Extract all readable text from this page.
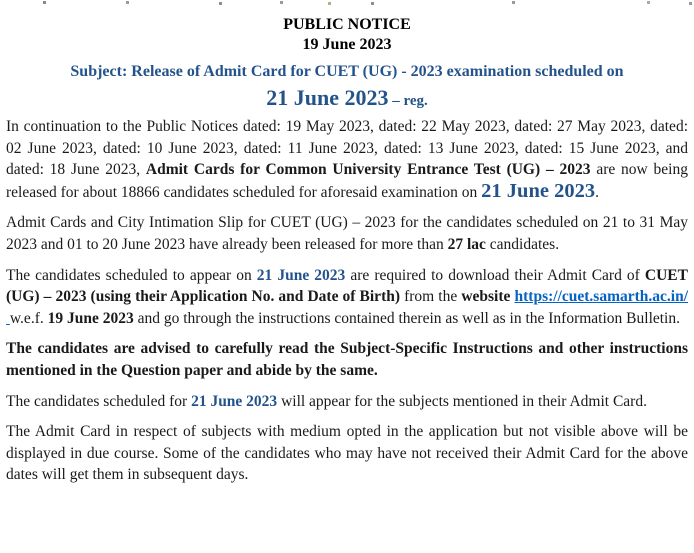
PUBLIC NOTICE
19 June 2023
Subject: Release of Admit Card for CUET (UG) - 2023 examination scheduled on
21 June 2023 – reg.

In continuation to the Public Notices dated: 19 May 2023, dated: 22 May 2023, dated: 27 May 2023, dated: 02 June 2023, dated: 10 June 2023, dated: 11 June 2023, dated: 13 June 2023, dated: 15 June 2023, and dated: 18 June 2023, Admit Cards for Common University Entrance Test (UG) – 2023 are now being released for about 18866 candidates scheduled for aforesaid examination on 21 June 2023.

Admit Cards and City Intimation Slip for CUET (UG) – 2023 for the candidates scheduled on 21 to 31 May 2023 and 01 to 20 June 2023 have already been released for more than 27 lac candidates.

The candidates scheduled to appear on 21 June 2023 are required to download their Admit Card of CUET (UG) – 2023 (using their Application No. and Date of Birth) from the website https://cuet.samarth.ac.in/ w.e.f. 19 June 2023 and go through the instructions contained therein as well as in the Information Bulletin.

The candidates are advised to carefully read the Subject-Specific Instructions and other instructions mentioned in the Question paper and abide by the same.

The candidates scheduled for 21 June 2023 will appear for the subjects mentioned in their Admit Card.

The Admit Card in respect of subjects with medium opted in the application but not visible above will be displayed in due course. Some of the candidates who may have not received their Admit Card for the above dates will get them in subsequent days.
